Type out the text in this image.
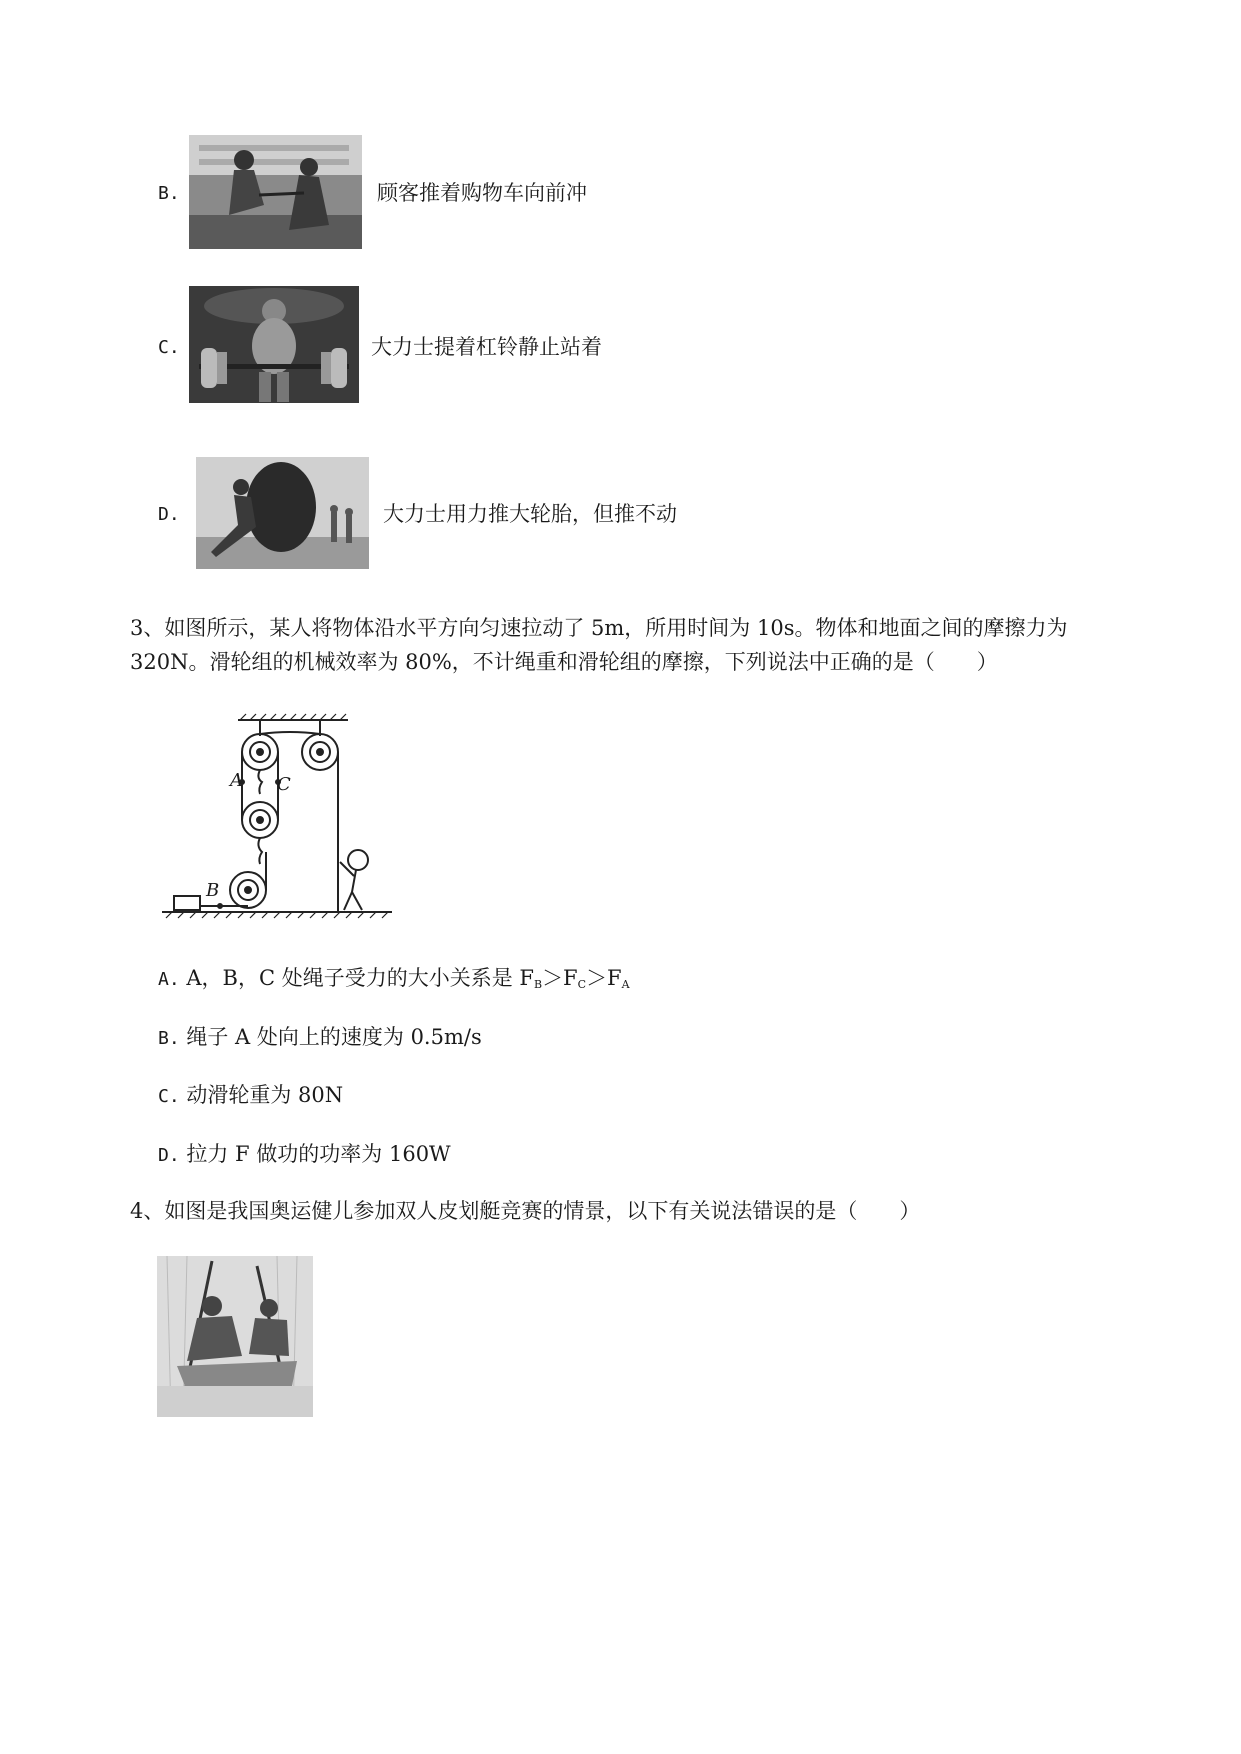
B.	顾客推着购物车向前冲
C.	大力士提着杠铃静止站着
D.	大力士用力推大轮胎，但推不动
3、如图所示，某人将物体沿水平方向匀速拉动了 5m，所用时间为 10s。物体和地面之间的摩擦力为
320N。滑轮组的机械效率为 80%，不计绳重和滑轮组的摩擦，下列说法中正确的是（　　）
A C
B
A. A，B，C 处绳子受力的大小关系是 $F_B>F_C>F_A$
B. 绳子 A 处向上的速度为 0.5m/s
C. 动滑轮重为 80N
D. 拉力 F 做功的功率为 160W
4、如图是我国奥运健儿参加双人皮划艇竞赛的情景，以下有关说法错误的是（　　）
